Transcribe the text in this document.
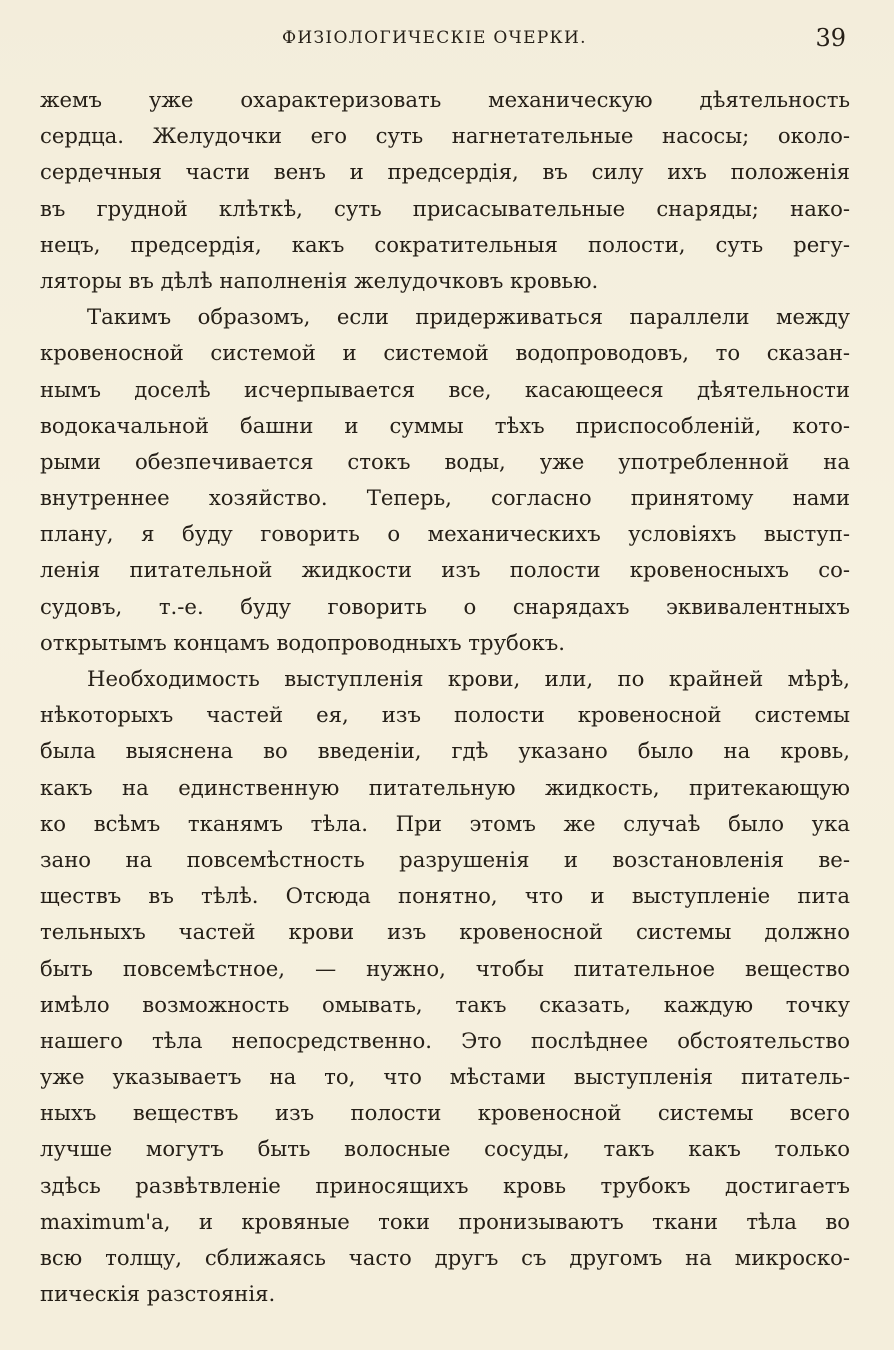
ФИЗІОЛОГИЧЕСКІЕ ОЧЕРКИ.	39
жемъ уже охарактеризовать механическую дѣятельность
сердца. Желудочки его суть нагнетательные насосы; околo-
сердечныя части венъ и предсердія, въ силу ихъ положенія
въ грудной клѣткѣ, суть присасывательные снаряды; нако-
нецъ, предсердія, какъ сократительныя полости, суть регу-
ляторы въ дѣлѣ наполненія желудочковъ кровью.
Такимъ образомъ, если придерживаться параллели между
кровеносной системой и системой водопроводовъ, то сказан-
нымъ доселѣ исчерпывается все, касающееся дѣятельности
водокачальной башни и суммы тѣхъ приспособленій, кото-
рыми обезпечивается стокъ воды, уже употребленной на
внутреннее хозяйство. Теперь, согласно принятому нами
плану, я буду говорить о механическихъ условіяхъ выступ-
ленія питательной жидкости изъ полости кровеносныхъ со-
судовъ, т.-е. буду говорить о снарядахъ эквивалентныхъ
открытымъ концамъ водопроводныхъ трубокъ.
Необходимость выступленія крови, или, по крайней мѣрѣ,
нѣкоторыхъ частей ея, изъ полости кровеносной системы
была выяснена во введеніи, гдѣ указано было на кровь,
какъ на единственную питательную жидкость, притекающую
ко всѣмъ тканямъ тѣла. При этомъ же случаѣ было ука
зано на повсемѣстность разрушенія и возстановленія ве-
ществъ въ тѣлѣ. Отсюда понятно, что и выступленіе пита
тельныхъ частей крови изъ кровеносной системы должно
быть повсемѣстное, — нужно, чтобы питательное вещество
имѣло возможность омывать, такъ сказать, каждую точку
нашего тѣла непосредственно. Это послѣднее обстоятельство
уже указываетъ на то, что мѣстами выступленія питатель-
ныхъ веществъ изъ полости кровеносной системы всего
лучше могутъ быть волосные сосуды, такъ какъ только
здѣсь развѣтвленіе приносящихъ кровь трубокъ достигаетъ
maximum'a, и кровяные токи пронизываютъ ткани тѣла во
всю толщу, сближаясь часто другъ съ другомъ на микроско-
пическія разстоянія.
